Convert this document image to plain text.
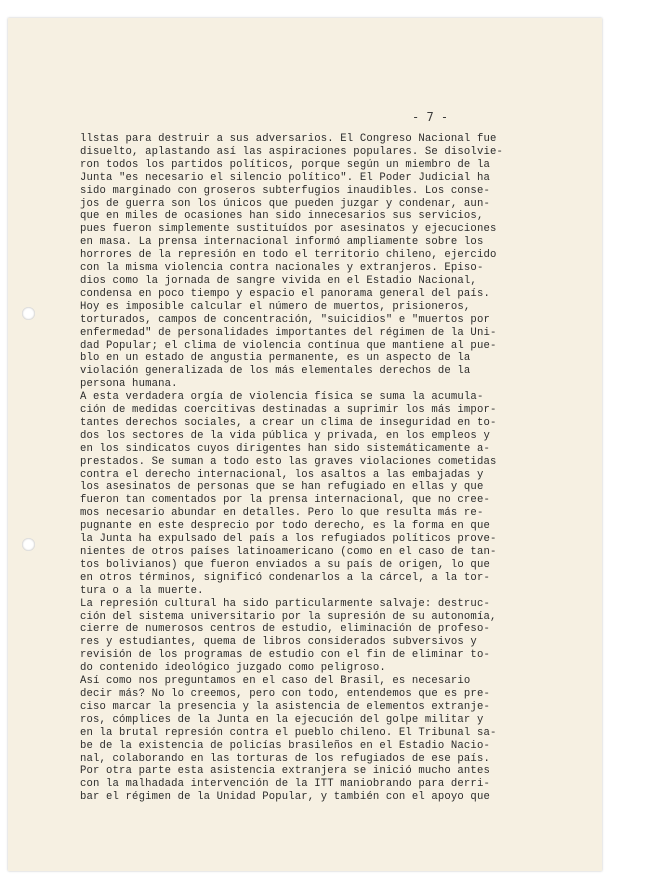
- 7 -
llstas para destruir a sus adversarios. El Congreso Nacional fue
disuelto, aplastando así las aspiraciones populares. Se disolvie-
ron todos los partidos políticos, porque según un miembro de la
Junta "es necesario el silencio político". El Poder Judicial ha
sido marginado con groseros subterfugios inaudibles. Los conse-
jos de guerra son los únicos que pueden juzgar y condenar, aun-
que en miles de ocasiones han sido innecesarios sus servicios,
pues fueron simplemente sustituídos por asesinatos y ejecuciones
en masa. La prensa internacional informó ampliamente sobre los
horrores de la represión en todo el territorio chileno, ejercido
con la misma violencia contra nacionales y extranjeros. Episo-
dios como la jornada de sangre vivida en el Estadio Nacional,
condensa en poco tiempo y espacio el panorama general del país.
Hoy es imposible calcular el número de muertos, prisioneros,
torturados, campos de concentración, "suicidios" e "muertos por
enfermedad" de personalidades importantes del régimen de la Uni-
dad Popular; el clima de violencia contínua que mantiene al pue-
blo en un estado de angustia permanente, es un aspecto de la
violación generalizada de los más elementales derechos de la
persona humana.
A esta verdadera orgía de violencia física se suma la acumula-
ción de medidas coercitivas destinadas a suprimir los más impor-
tantes derechos sociales, a crear un clima de inseguridad en to-
dos los sectores de la vida pública y privada, en los empleos y
en los sindicatos cuyos dirigentes han sido sistemáticamente a-
prestados. Se suman a todo esto las graves violaciones cometidas
contra el derecho internacional, los asaltos a las embajadas y
los asesinatos de personas que se han refugiado en ellas y que
fueron tan comentados por la prensa internacional, que no cree-
mos necesario abundar en detalles. Pero lo que resulta más re-
pugnante en este desprecio por todo derecho, es la forma en que
la Junta ha expulsado del país a los refugiados políticos prove-
nientes de otros países latinoamericano (como en el caso de tan-
tos bolivianos) que fueron enviados a su país de origen, lo que
en otros términos, significó condenarlos a la cárcel, a la tor-
tura o a la muerte.
La represión cultural ha sido particularmente salvaje: destruc-
ción del sistema universitario por la supresión de su autonomía,
cierre de numerosos centros de estudio, eliminación de profeso-
res y estudiantes, quema de libros considerados subversivos y
revisión de los programas de estudio con el fin de eliminar to-
do contenido ideológico juzgado como peligroso.
Así como nos preguntamos en el caso del Brasil, es necesario
decir más? No lo creemos, pero con todo, entendemos que es pre-
ciso marcar la presencia y la asistencia de elementos extranje-
ros, cómplices de la Junta en la ejecución del golpe militar y
en la brutal represión contra el pueblo chileno. El Tribunal sa-
be de la existencia de policías brasileños en el Estadio Nacio-
nal, colaborando en las torturas de los refugiados de ese país.
Por otra parte esta asistencia extranjera se inició mucho antes
con la malhadada intervención de la ITT maniobrando para derri-
bar el régimen de la Unidad Popular, y también con el apoyo que
